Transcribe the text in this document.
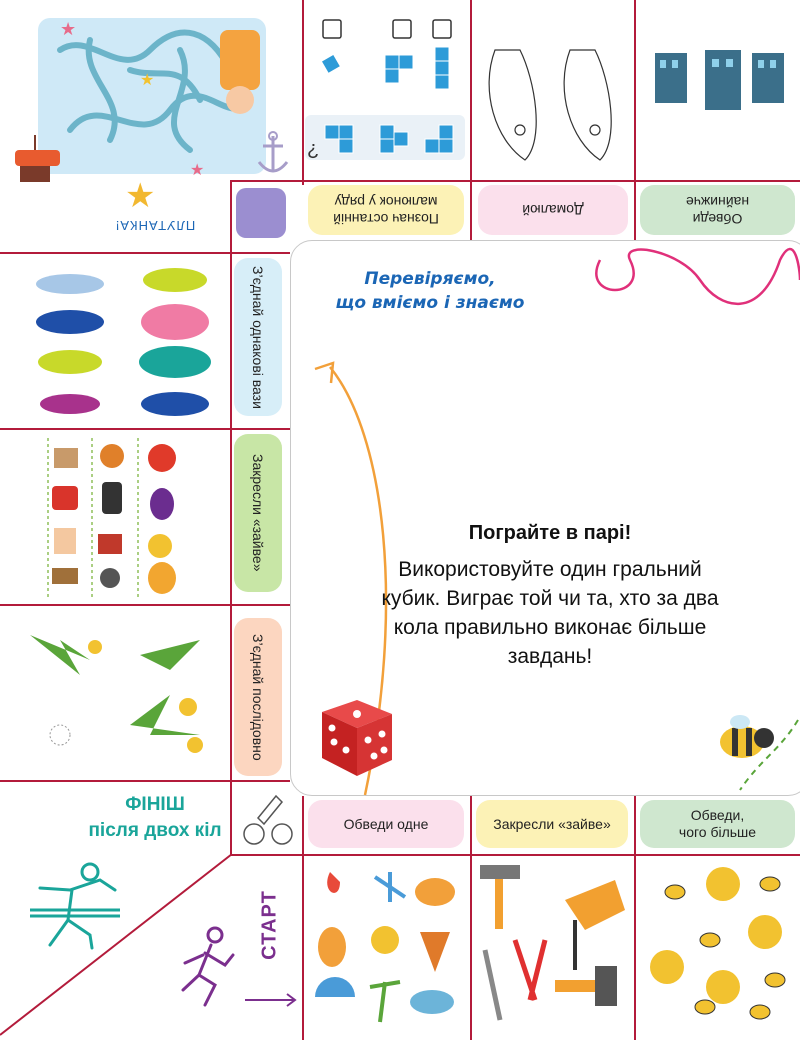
★
★
★
★
ПЛУТАНКА!
¿
Обведи
найнижче
Домалюй
Познач останній
малюнок у ряду
З’єднай однакові вази
Закресли «зайве»
З’єднай послідовно
Перевіряємо,
що вміємо і знаємо
Пограйте в парі!
Використовуйте один гральний кубик. Виграє той чи та, хто за два кола правильно виконає більше завдань!
ФІНІШ
після двох кіл
СТАРТ
Обведи одне	Закресли «зайве»
Обведи,
чого більше
